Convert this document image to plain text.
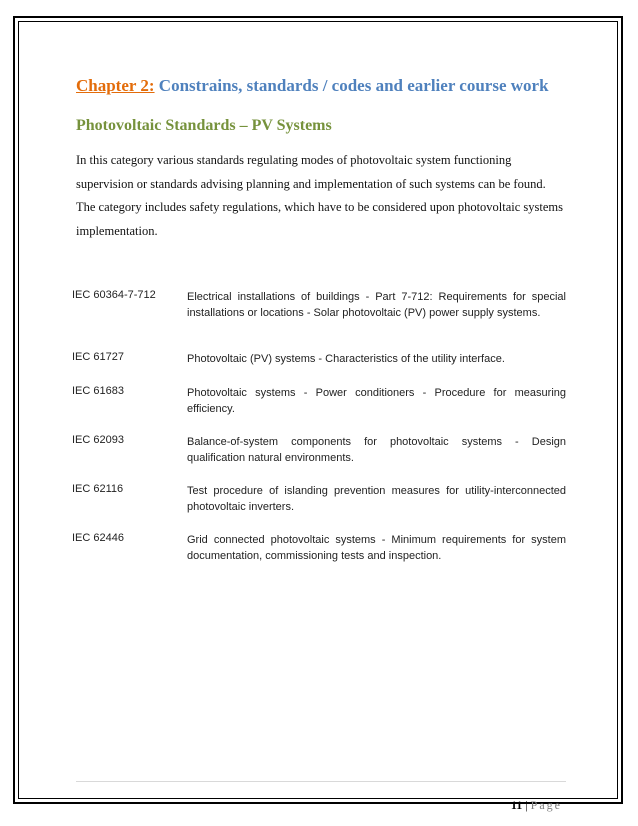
Chapter 2: Constrains, standards / codes and earlier course work
Photovoltaic Standards – PV Systems

In this category various standards regulating modes of photovoltaic system functioning supervision or standards advising planning and implementation of such systems can be found. The category includes safety regulations, which have to be considered upon photovoltaic systems implementation.

IEC 60364-7-712	Electrical installations of buildings - Part 7-712: Requirements for special installations or locations - Solar photovoltaic (PV) power supply systems.
IEC 61727	Photovoltaic (PV) systems - Characteristics of the utility interface.
IEC 61683	Photovoltaic systems - Power conditioners - Procedure for measuring efficiency.
IEC 62093	Balance-of-system components for photovoltaic systems - Design qualification natural environments.
IEC 62116	Test procedure of islanding prevention measures for utility-interconnected photovoltaic inverters.
IEC 62446	Grid connected photovoltaic systems - Minimum requirements for system documentation, commissioning tests and inspection.
11 | Page
